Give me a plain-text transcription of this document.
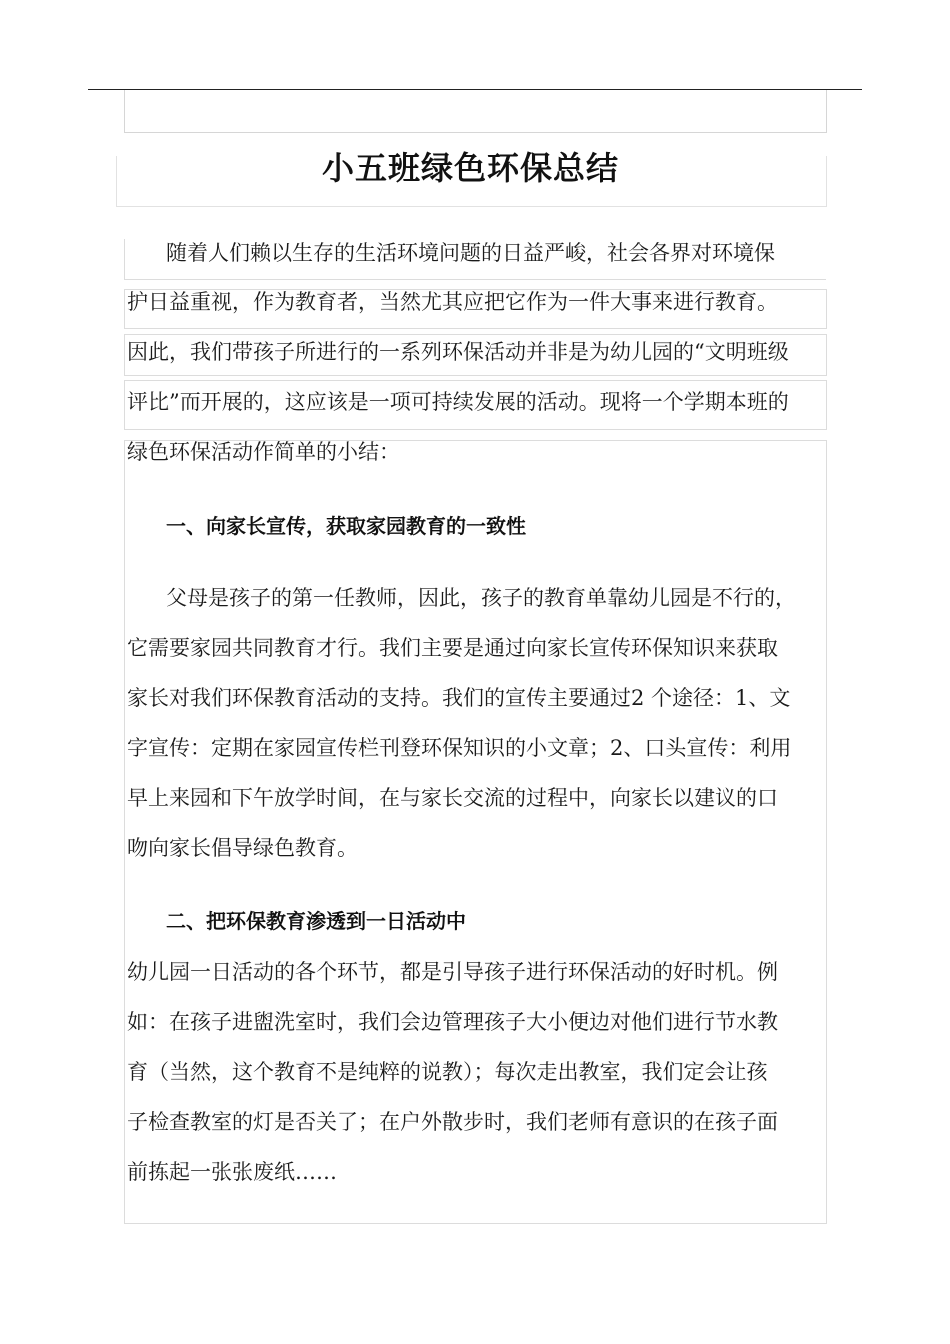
小五班绿色环保总结
随着人们赖以生存的生活环境问题的日益严峻，社会各界对环境保
护日益重视，作为教育者，当然尤其应把它作为一件大事来进行教育。
因此，我们带孩子所进行的一系列环保活动并非是为幼儿园的“文明班级
评比”而开展的，这应该是一项可持续发展的活动。现将一个学期本班的
绿色环保活动作简单的小结：
一、向家长宣传，获取家园教育的一致性
父母是孩子的第一任教师，因此，孩子的教育单靠幼儿园是不行的，
它需要家园共同教育才行。我们主要是通过向家长宣传环保知识来获取
家长对我们环保教育活动的支持。我们的宣传主要通过2 个途径：1、文
字宣传：定期在家园宣传栏刊登环保知识的小文章；2、口头宣传：利用
早上来园和下午放学时间，在与家长交流的过程中，向家长以建议的口
吻向家长倡导绿色教育。
二、把环保教育渗透到一日活动中
幼儿园一日活动的各个环节，都是引导孩子进行环保活动的好时机。例
如：在孩子进盥洗室时，我们会边管理孩子大小便边对他们进行节水教
育（当然，这个教育不是纯粹的说教）；每次走出教室，我们定会让孩
子检查教室的灯是否关了；在户外散步时，我们老师有意识的在孩子面
前拣起一张张废纸……
